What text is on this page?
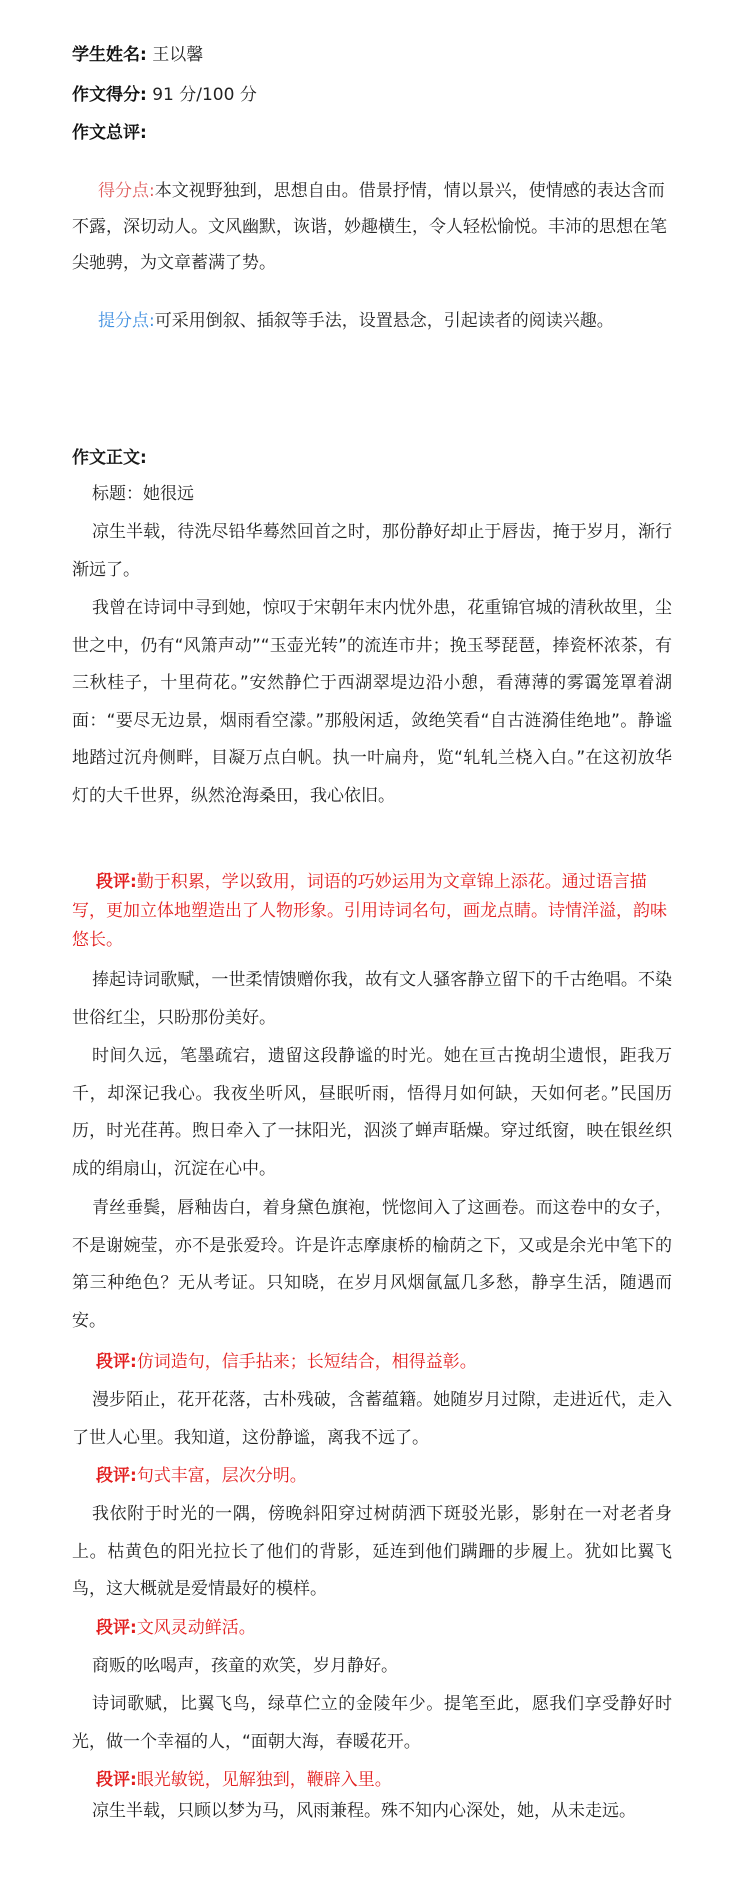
学生姓名: 王以馨
作文得分: 91 分/100 分
作文总评:
得分点:本文视野独到，思想自由。借景抒情，情以景兴，使情感的表达含而不露，深切动人。文风幽默，诙谐，妙趣横生，令人轻松愉悦。丰沛的思想在笔尖驰骋，为文章蓄满了势。
提分点:可采用倒叙、插叙等手法，设置悬念，引起读者的阅读兴趣。
作文正文:
标题：她很远
凉生半载，待洗尽铅华蓦然回首之时，那份静好却止于唇齿，掩于岁月，渐行渐远了。
我曾在诗词中寻到她，惊叹于宋朝年末内忧外患，花重锦官城的清秋故里，尘世之中，仍有“风箫声动”“玉壶光转”的流连市井；挽玉琴琵琶，捧瓷杯浓茶，有三秋桂子，十里荷花。”安然静伫于西湖翠堤边沿小憩，看薄薄的雾霭笼罩着湖面：“要尽无边景，烟雨看空濛。”那般闲适，敛绝笑看“自古涟漪佳绝地”。静谧地踏过沉舟侧畔，目凝万点白帆。执一叶扁舟，览“轧轧兰桡入白。”在这初放华灯的大千世界，纵然沧海桑田，我心依旧。
段评:勤于积累，学以致用，词语的巧妙运用为文章锦上添花。通过语言描写，更加立体地塑造出了人物形象。引用诗词名句，画龙点睛。诗情洋溢，韵味悠长。
捧起诗词歌赋，一世柔情馈赠你我，故有文人骚客静立留下的千古绝唱。不染世俗红尘，只盼那份美好。
时间久远，笔墨疏宕，遗留这段静谧的时光。她在亘古挽胡尘遗恨，距我万千，却深记我心。我夜坐听风，昼眠听雨，悟得月如何缺，天如何老。”民国历历，时光荏苒。煦日牵入了一抹阳光，泅淡了蝉声聒燥。穿过纸窗，映在银丝织成的绢扇山，沉淀在心中。
青丝垂鬓，唇釉齿白，着身黛色旗袍，恍惚间入了这画卷。而这卷中的女子，不是谢婉莹，亦不是张爱玲。许是许志摩康桥的榆荫之下，又或是余光中笔下的第三种绝色？无从考证。只知晓，在岁月风烟氤氲几多愁，静享生活，随遇而安。
段评:仿词造句，信手拈来；长短结合，相得益彰。
漫步陌止，花开花落，古朴残破，含蓄蕴籍。她随岁月过隙，走进近代，走入了世人心里。我知道，这份静谧，离我不远了。
段评:句式丰富，层次分明。
我依附于时光的一隅，傍晚斜阳穿过树荫洒下斑驳光影，影射在一对老者身上。枯黄色的阳光拉长了他们的背影，延连到他们蹒跚的步履上。犹如比翼飞鸟，这大概就是爱情最好的模样。
段评:文风灵动鲜活。
商贩的吆喝声，孩童的欢笑，岁月静好。
诗词歌赋，比翼飞鸟，绿草伫立的金陵年少。提笔至此，愿我们享受静好时光，做一个幸福的人，“面朝大海，春暖花开。
段评:眼光敏锐，见解独到，鞭辟入里。
凉生半载，只顾以梦为马，风雨兼程。殊不知内心深处，她，从未走远。
